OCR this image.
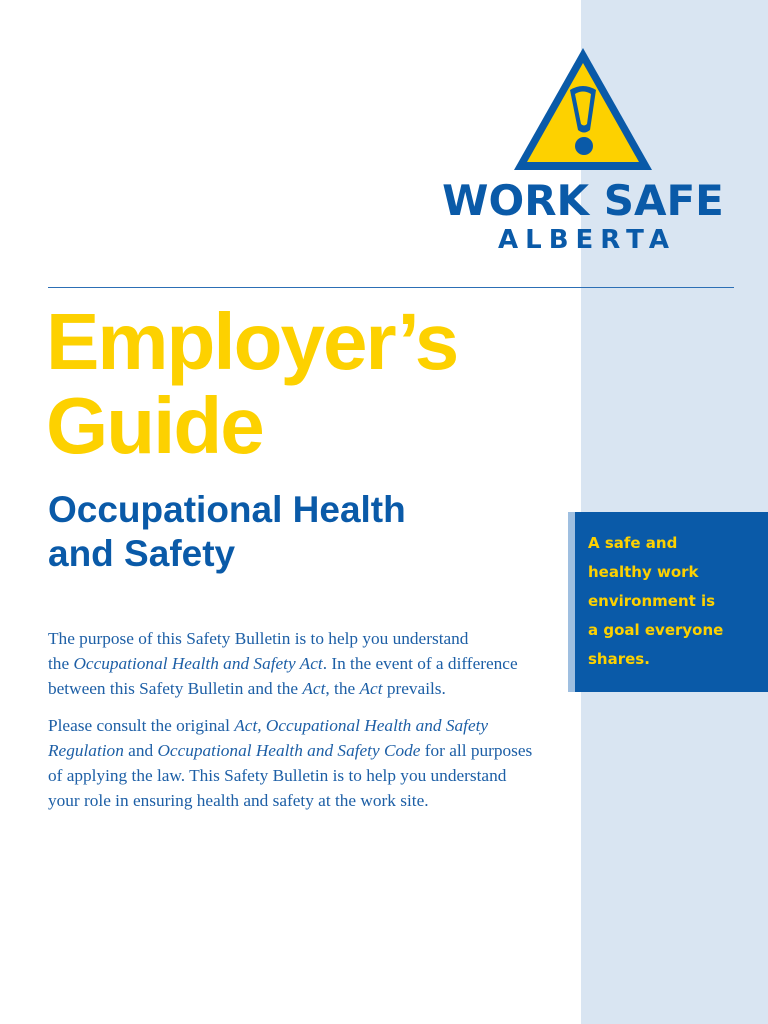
WORK SAFE
ALBERTA
Employer’s
Guide
Occupational Health
and Safety

The purpose of this Safety Bulletin is to help you understand
the Occupational Health and Safety Act. In the event of a difference
between this Safety Bulletin and the Act, the Act prevails.

Please consult the original Act, Occupational Health and Safety
Regulation and Occupational Health and Safety Code for all purposes
of applying the law. This Safety Bulletin is to help you understand
your role in ensuring health and safety at the work site.

A safe and
healthy work
environment is
a goal everyone
shares.
